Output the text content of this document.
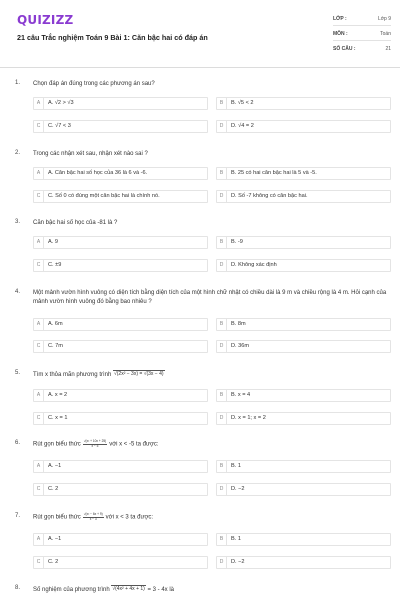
QUIZIZZ
21 câu Trắc nghiệm Toán 9 Bài 1: Căn bậc hai có đáp án
LỚP :	Lớp 9
MÔN :	Toán
SỐ CÂU :	21
1. Chọn đáp án đúng trong các phương án sau?
A	A. √2 > √3	B	B. √5 < 2
C	C. √7 < 3	D	D. √4 = 2
2. Trong các nhận xét sau, nhận xét nào sai ?
A	A. Căn bậc hai số học của 36 là 6 và -6.	B	B. 25 có hai căn bậc hai là 5 và -5.
C	C. Số 0 có đúng một căn bậc hai là chính nó.	D	D. Số -7 không có căn bậc hai.
3. Căn bậc hai số học của -81 là ?
A	A. 9	B	B. -9
C	C. ±9	D	D. Không xác định
4. Một mảnh vườn hình vuông có diện tích bằng diện tích của một hình chữ nhật có chiều dài là 9 m và chiều rộng là 4 m. Hỏi cạnh của mảnh vườn hình vuông đó bằng bao nhiêu ?
A	A. 6m	B	B. 8m
C	C. 7m	D	D. 36m
5. Tìm x thỏa mãn phương trình √(2x² − 3x) = √(3x − 4)
A	A. x = 2	B	B. x = 4
C	C. x = 1	D	D. x = 1; x = 2
6. Rút gọn biểu thức $\frac{\text{√(x² + 10x + 25)}}{x - 5}$ với x < -5 ta được:
A	A. −1	B	B. 1
C	C. 2	D	D. −2
7. Rút gọn biểu thức $\frac{\text{√(x² − 6x + 9)}}{x - 3}$ với x < 3 ta được:
A	A. −1	B	B. 1
C	C. 2	D	D. −2
8. Số nghiệm của phương trình √(4x² + 4x + 1) = 3 - 4x là
